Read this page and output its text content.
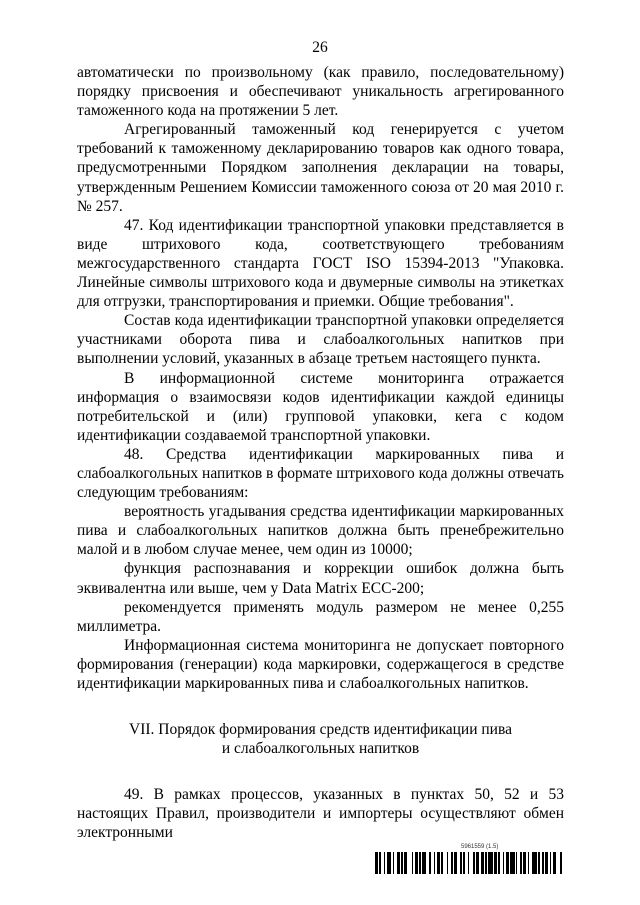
26

автоматически по произвольному (как правило, последовательному) порядку присвоения и обеспечивают уникальность агрегированного таможенного кода на протяжении 5 лет.

Агрегированный таможенный код генерируется с учетом требований к таможенному декларированию товаров как одного товара, предусмотренными Порядком заполнения декларации на товары, утвержденным Решением Комиссии таможенного союза от 20 мая 2010 г. № 257.

47. Код идентификации транспортной упаковки представляется в виде штрихового кода, соответствующего требованиям межгосударственного стандарта ГОСТ ISO 15394-2013 "Упаковка. Линейные символы штрихового кода и двумерные символы на этикетках для отгрузки, транспортирования и приемки. Общие требования".

Состав кода идентификации транспортной упаковки определяется участниками оборота пива и слабоалкогольных напитков при выполнении условий, указанных в абзаце третьем настоящего пункта.

В информационной системе мониторинга отражается информация о взаимосвязи кодов идентификации каждой единицы потребительской и (или) групповой упаковки, кега с кодом идентификации создаваемой транспортной упаковки.

48. Средства идентификации маркированных пива и слабоалкогольных напитков в формате штрихового кода должны отвечать следующим требованиям:

вероятность угадывания средства идентификации маркированных пива и слабоалкогольных напитков должна быть пренебрежительно малой и в любом случае менее, чем один из 10000;

функция распознавания и коррекции ошибок должна быть эквивалентна или выше, чем у Data Matrix ECC-200;

рекомендуется применять модуль размером не менее 0,255 миллиметра.

Информационная система мониторинга не допускает повторного формирования (генерации) кода маркировки, содержащегося в средстве идентификации маркированных пива и слабоалкогольных напитков.

VII. Порядок формирования средств идентификации пива
и слабоалкогольных напитков

49. В рамках процессов, указанных в пунктах 50, 52 и 53 настоящих Правил, производители и импортеры осуществляют обмен электронными

5961559 (1.5)
